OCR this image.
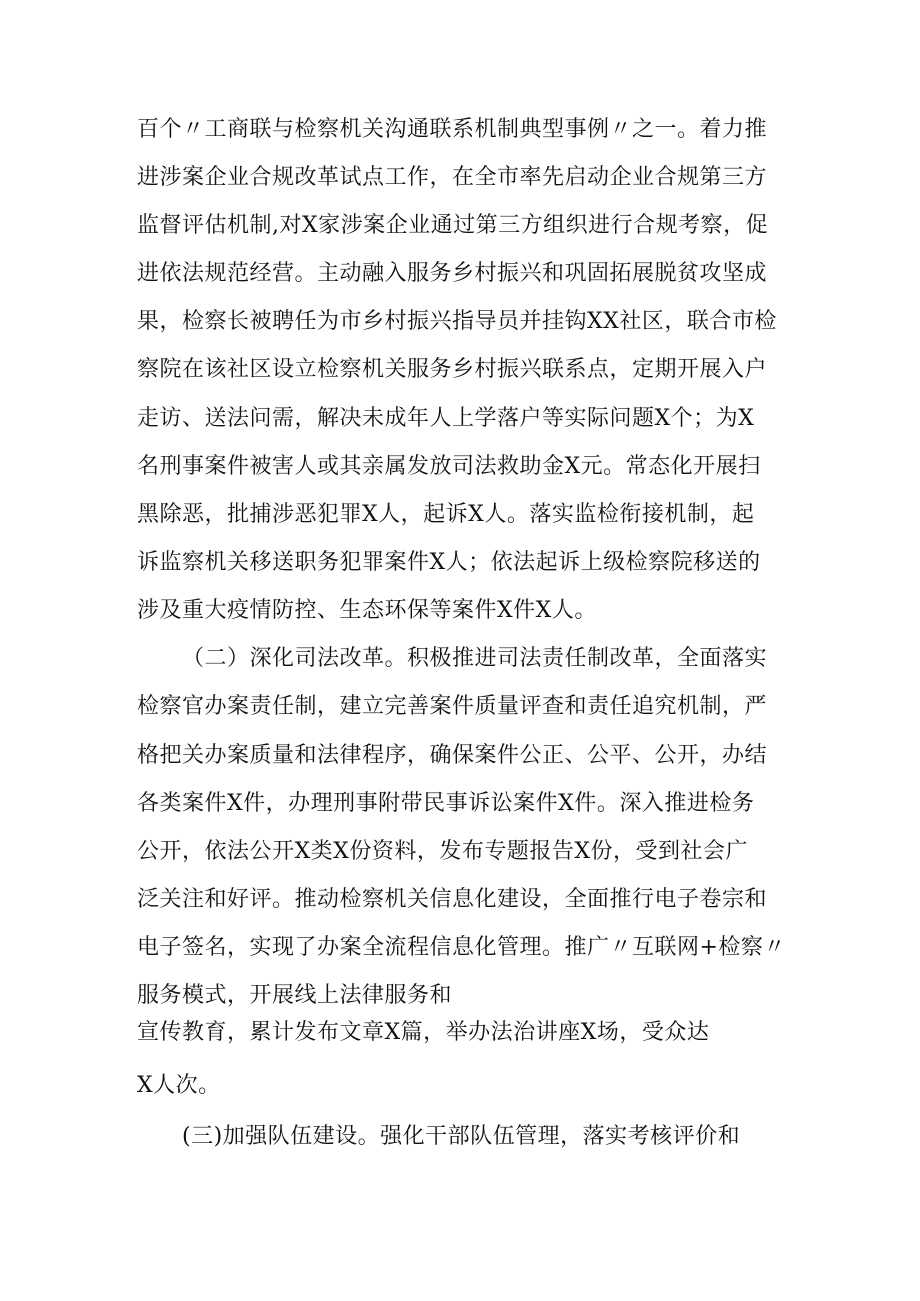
百个〃工商联与检察机关沟通联系机制典型事例〃之一。着力推
进涉案企业合规改革试点工作，在全市率先启动企业合规第三方
监督评估机制,对X家涉案企业通过第三方组织进行合规考察，促
进依法规范经营。主动融入服务乡村振兴和巩固拓展脱贫攻坚成
果，检察长被聘任为市乡村振兴指导员并挂钩XX社区，联合市检
察院在该社区设立检察机关服务乡村振兴联系点，定期开展入户
走访、送法问需，解决未成年人上学落户等实际问题X个；为X
名刑事案件被害人或其亲属发放司法救助金X元。常态化开展扫
黑除恶，批捕涉恶犯罪X人，起诉X人。落实监检衔接机制，起
诉监察机关移送职务犯罪案件X人；依法起诉上级检察院移送的
涉及重大疫情防控、生态环保等案件X件X人。
（二）深化司法改革。积极推进司法责任制改革，全面落实
检察官办案责任制，建立完善案件质量评查和责任追究机制，严
格把关办案质量和法律程序，确保案件公正、公平、公开，办结
各类案件X件，办理刑事附带民事诉讼案件X件。深入推进检务
公开，依法公开X类X份资料，发布专题报告X份，受到社会广
泛关注和好评。推动检察机关信息化建设，全面推行电子卷宗和
电子签名，实现了办案全流程信息化管理。推广〃互联网+检察〃
服务模式，开展线上法律服务和
宣传教育，累计发布文章X篇，举办法治讲座X场，受众达
X人次。
(三)加强队伍建设。强化干部队伍管理，落实考核评价和
